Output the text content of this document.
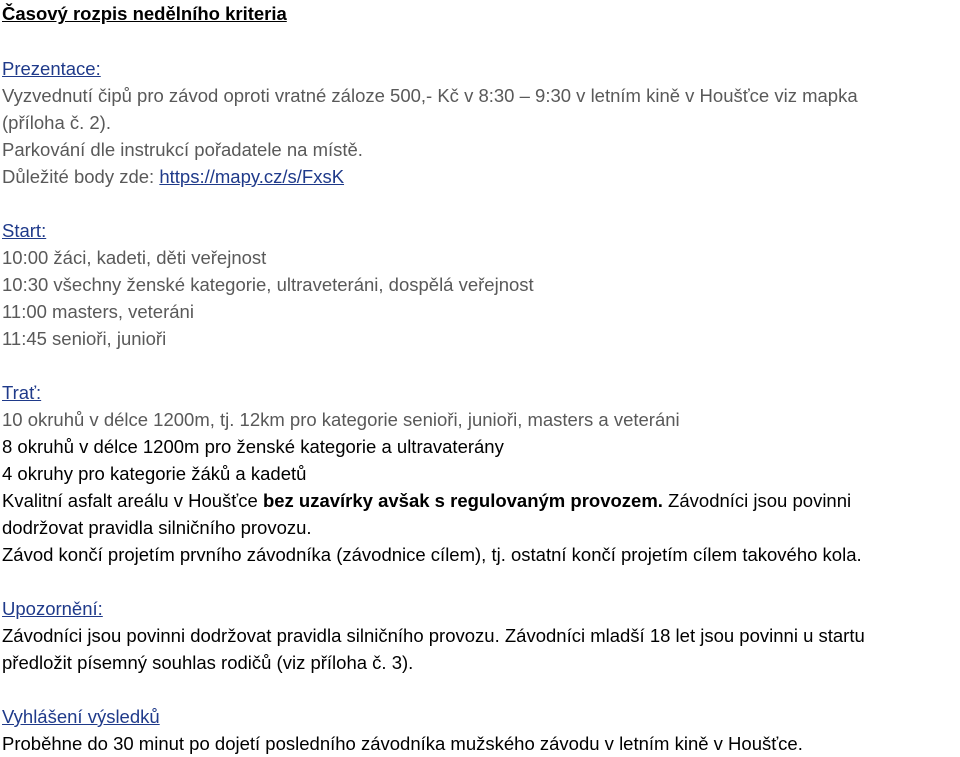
Časový rozpis nedělního kriteria
Prezentace:
Vyzvednutí čipů pro závod oproti vratné záloze 500,- Kč v 8:30 – 9:30 v letním kině v Houšťce viz mapka
(příloha č. 2).
Parkování dle instrukcí pořadatele na místě.
Důležité body zde: https://mapy.cz/s/FxsK
Start:
10:00 žáci, kadeti, děti veřejnost
10:30 všechny ženské kategorie, ultraveteráni, dospělá veřejnost
11:00 masters, veteráni
11:45 senioři, junioři
Trať:
10 okruhů v délce 1200m, tj. 12km pro kategorie senioři, junioři, masters a veteráni
8 okruhů v délce 1200m pro ženské kategorie a ultravaterány
4 okruhy pro kategorie žáků a kadetů
Kvalitní asfalt areálu v Houšťce bez uzavírky avšak s regulovaným provozem. Závodníci jsou povinni
dodržovat pravidla silničního provozu.
Závod končí projetím prvního závodníka (závodnice cílem), tj. ostatní končí projetím cílem takového kola.
Upozornění:
Závodníci jsou povinni dodržovat pravidla silničního provozu. Závodníci mladší 18 let jsou povinni u startu
předložit písemný souhlas rodičů (viz příloha č. 3).
Vyhlášení výsledků
Proběhne do 30 minut po dojetí posledního závodníka mužského závodu v letním kině v Houšťce.
